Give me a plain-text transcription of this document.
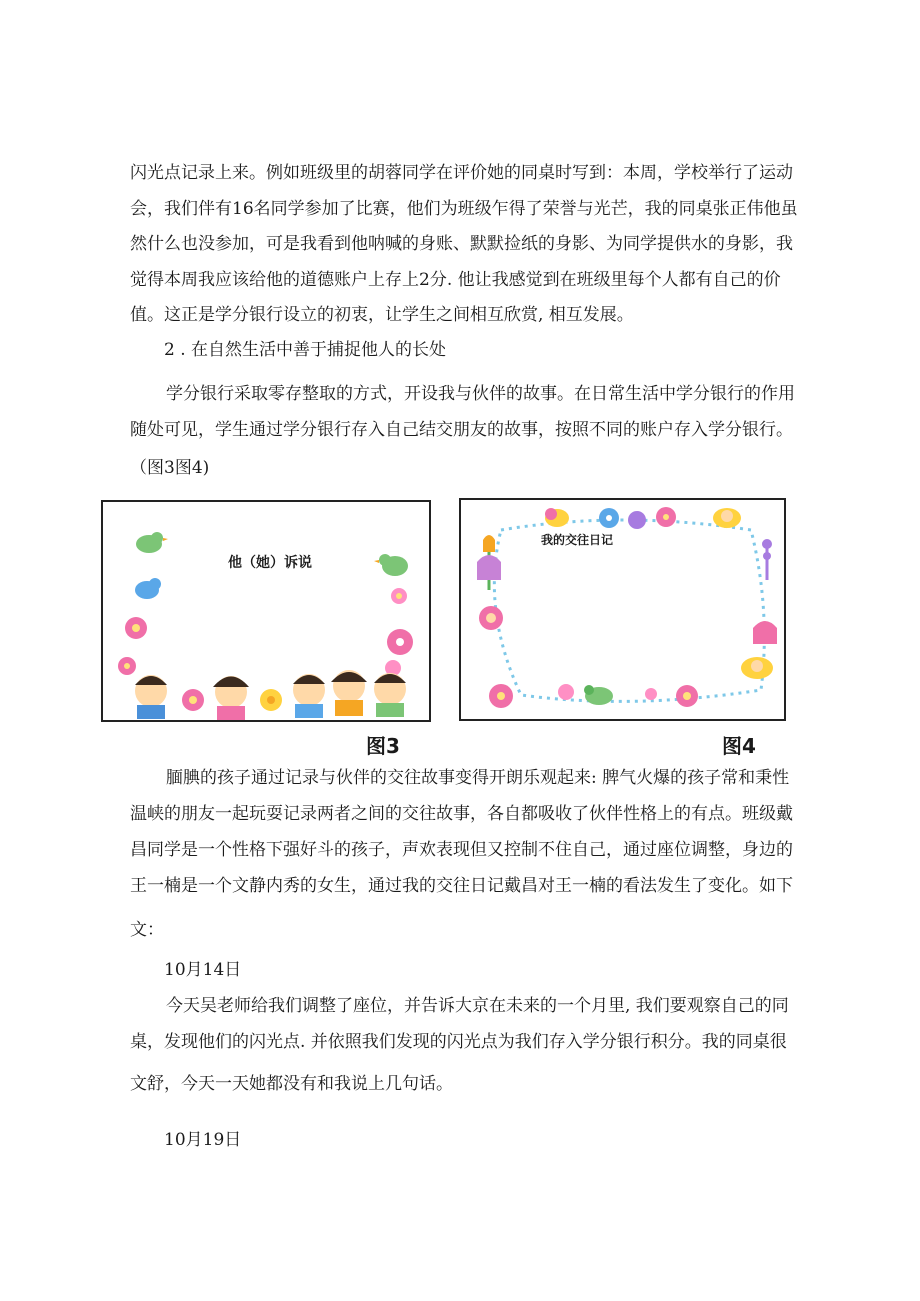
闪光点记录上来。例如班级里的胡蓉同学在评价她的同桌时写到：本周，学校举行了运动
会，我们伴有16名同学参加了比赛，他们为班级乍得了荣誉与光芒，我的同桌张正伟他虽
然什么也没参加，可是我看到他呐喊的身账、默默捡纸的身影、为同学提供水的身影，我
觉得本周我应该给他的道德账户上存上2分. 他让我感觉到在班级里每个人都有自己的价
值。这正是学分银行设立的初衷，让学生之间相互欣赏, 相互发展。
2 . 在自然生活中善于捕捉他人的长处
学分银行采取零存整取的方式，开设我与伙伴的故事。在日常生活中学分银行的作用
随处可见，学生通过学分银行存入自己结交朋友的故事，按照不同的账户存入学分银行。
（图3图4)
他（她）诉说
图3
我的交往日记
图4
腼腆的孩子通过记录与伙伴的交往故事变得开朗乐观起来: 脾气火爆的孩子常和秉性
温峡的朋友一起玩耍记录两者之间的交往故事，各自都吸收了伙伴性格上的有点。班级戴
昌同学是一个性格下强好斗的孩子，声欢表现但又控制不住自己，通过座位调整，身边的
王一楠是一个文静内秀的女生，通过我的交往日记戴昌对王一楠的看法发生了变化。如下
文：
10月14日
今天吴老师给我们调整了座位，并告诉大京在未来的一个月里, 我们要观察自己的同
桌，发现他们的闪光点. 并依照我们发现的闪光点为我们存入学分银行积分。我的同桌很
文舒，今天一天她都没有和我说上几句话。
10月19日
